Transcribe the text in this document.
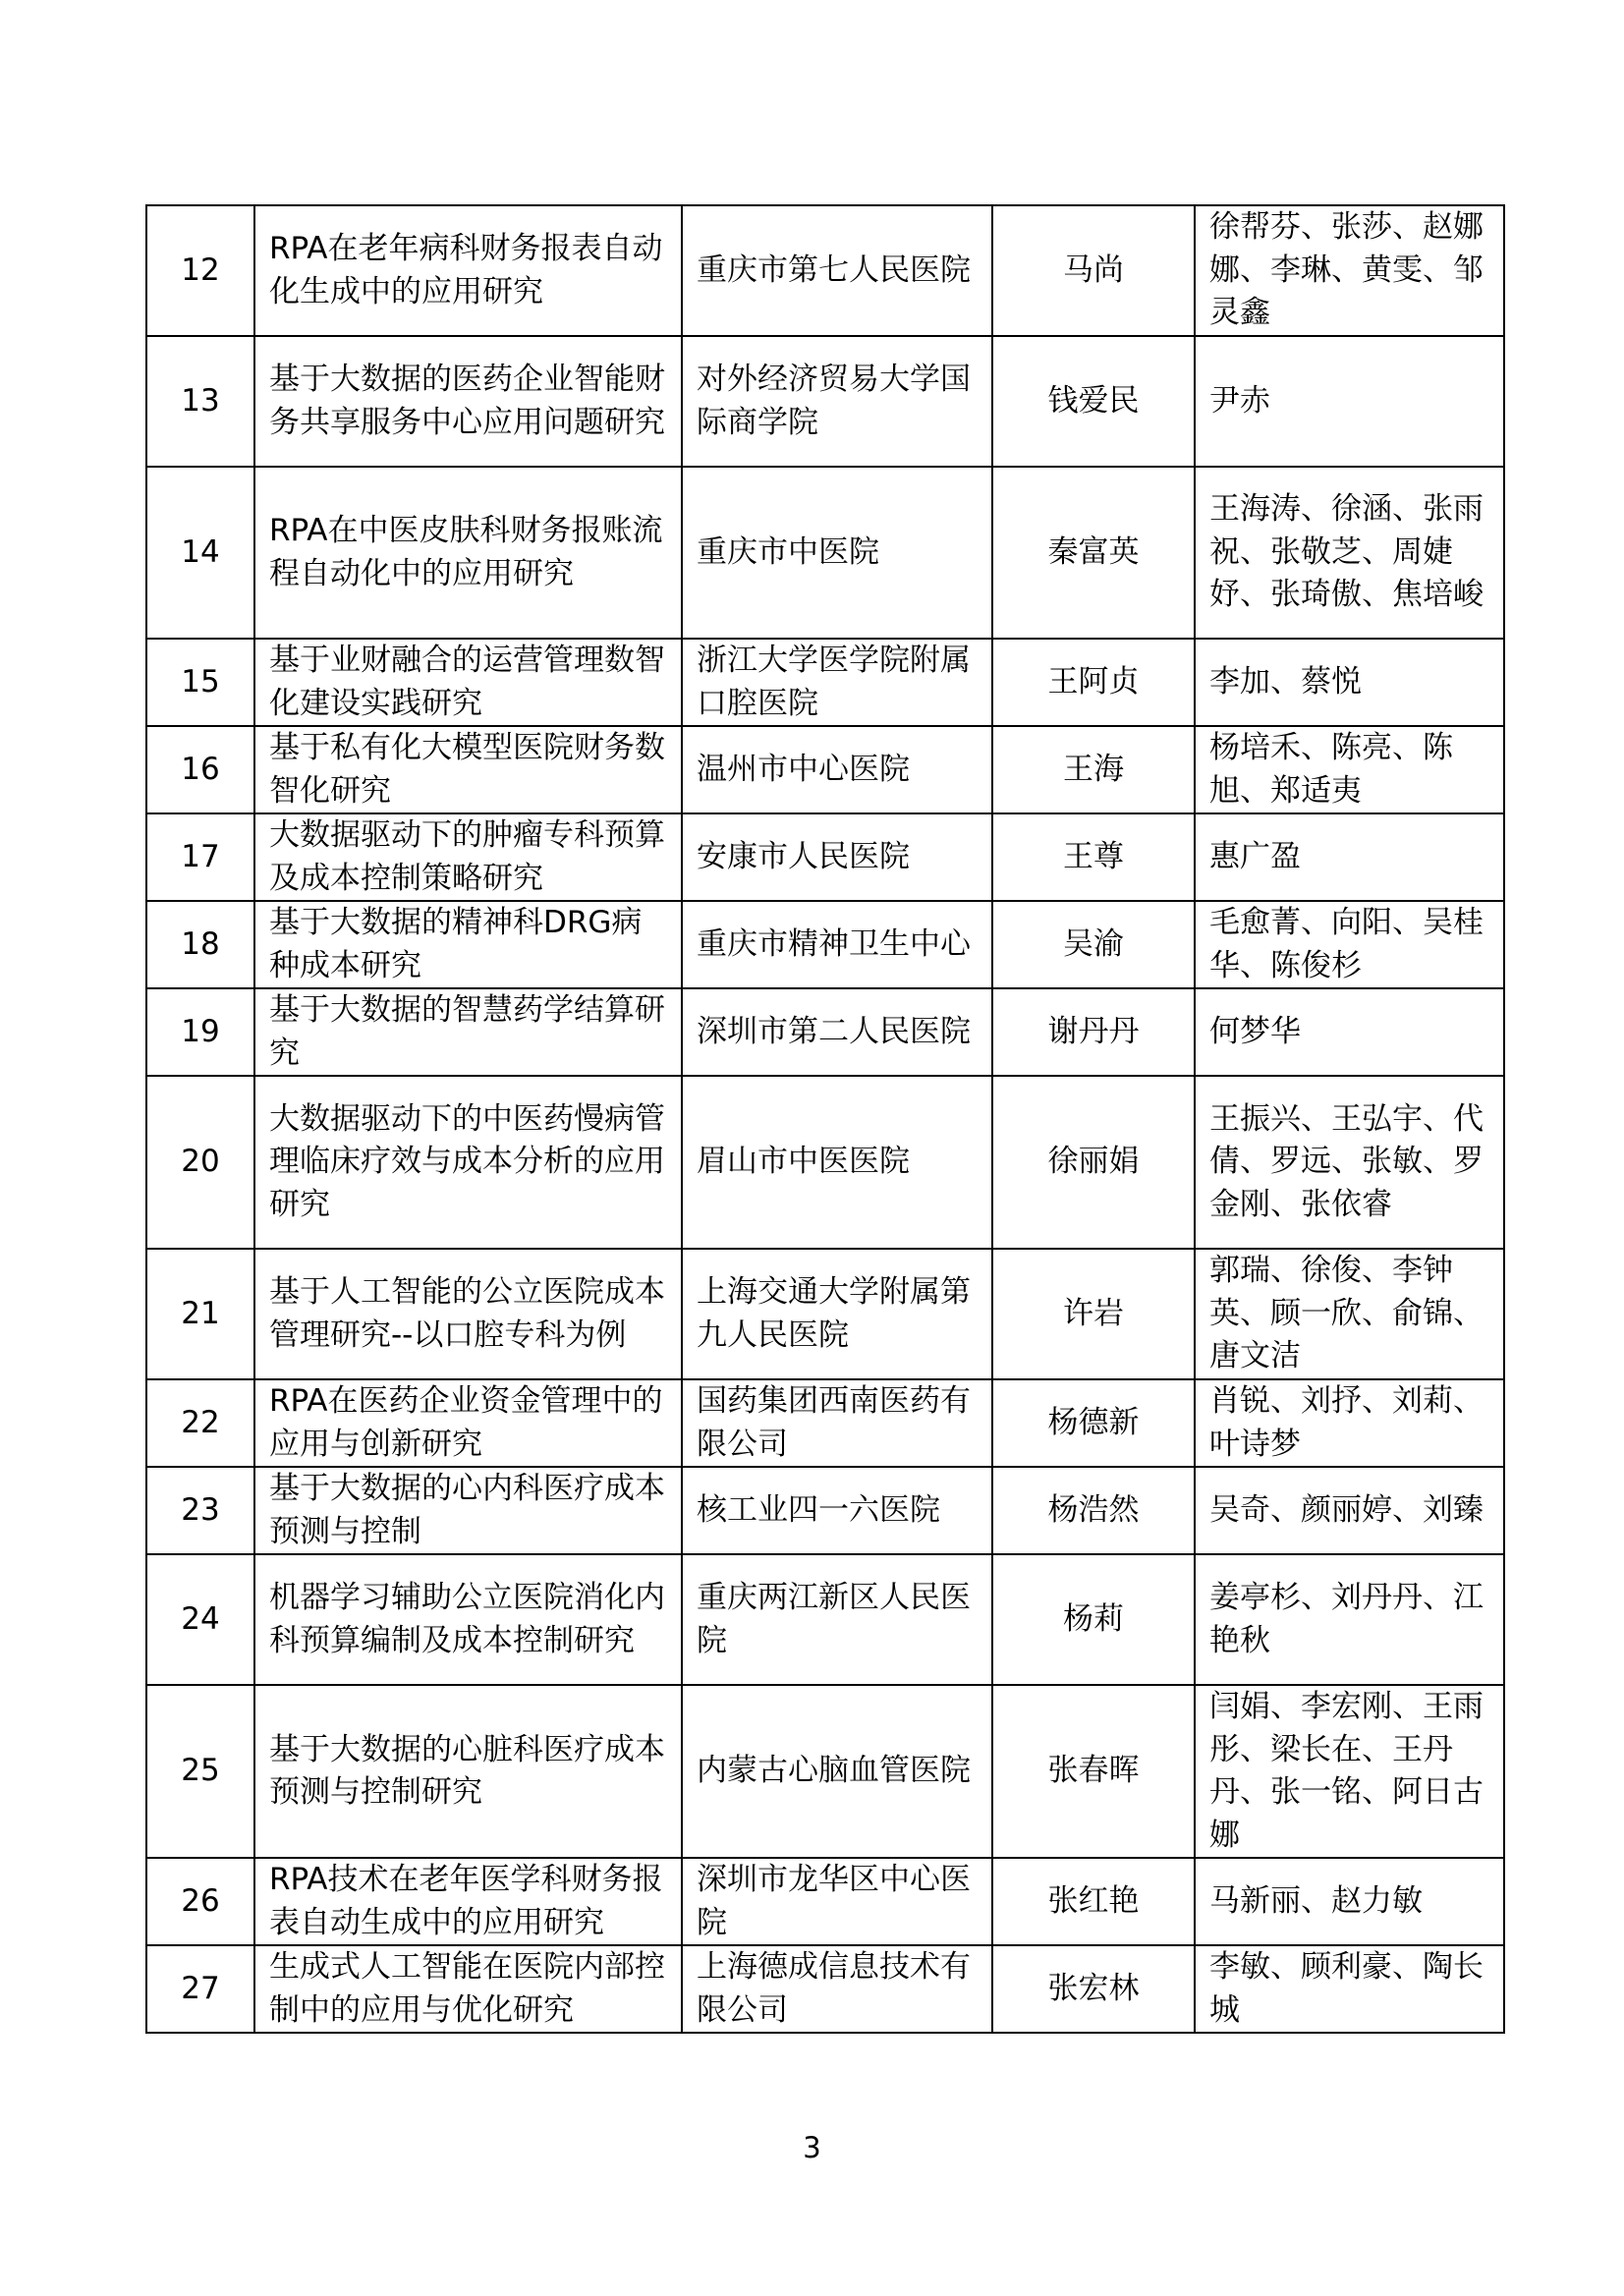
12	RPA在老年病科财务报表自动化生成中的应用研究	重庆市第七人民医院	马尚	徐帮芬、张莎、赵娜娜、李琳、黄雯、邹灵鑫
13	基于大数据的医药企业智能财务共享服务中心应用问题研究	对外经济贸易大学国际商学院	钱爱民	尹赤
14	RPA在中医皮肤科财务报账流程自动化中的应用研究	重庆市中医院	秦富英	王海涛、徐涵、张雨祝、张敬芝、周婕妤、张琦傲、焦培峻
15	基于业财融合的运营管理数智化建设实践研究	浙江大学医学院附属口腔医院	王阿贞	李加、蔡悦
16	基于私有化大模型医院财务数智化研究	温州市中心医院	王海	杨培禾、陈亮、陈旭、郑适夷
17	大数据驱动下的肿瘤专科预算及成本控制策略研究	安康市人民医院	王尊	惠广盈
18	基于大数据的精神科DRG病种成本研究	重庆市精神卫生中心	吴渝	毛愈菁、向阳、吴桂华、陈俊杉
19	基于大数据的智慧药学结算研究	深圳市第二人民医院	谢丹丹	何梦华
20	大数据驱动下的中医药慢病管理临床疗效与成本分析的应用研究	眉山市中医医院	徐丽娟	王振兴、王弘宇、代倩、罗远、张敏、罗金刚、张依睿
21	基于人工智能的公立医院成本管理研究--以口腔专科为例	上海交通大学附属第九人民医院	许岩	郭瑞、徐俊、李钟英、顾一欣、俞锦、唐文洁
22	RPA在医药企业资金管理中的应用与创新研究	国药集团西南医药有限公司	杨德新	肖锐、刘抒、刘莉、叶诗梦
23	基于大数据的心内科医疗成本预测与控制	核工业四一六医院	杨浩然	吴奇、颜丽婷、刘臻
24	机器学习辅助公立医院消化内科预算编制及成本控制研究	重庆两江新区人民医院	杨莉	姜亭杉、刘丹丹、江艳秋
25	基于大数据的心脏科医疗成本预测与控制研究	内蒙古心脑血管医院	张春晖	闫娟、李宏刚、王雨彤、梁长在、王丹丹、张一铭、阿日古娜
26	RPA技术在老年医学科财务报表自动生成中的应用研究	深圳市龙华区中心医院	张红艳	马新丽、赵力敏
27	生成式人工智能在医院内部控制中的应用与优化研究	上海德成信息技术有限公司	张宏林	李敏、顾利豪、陶长城
3
